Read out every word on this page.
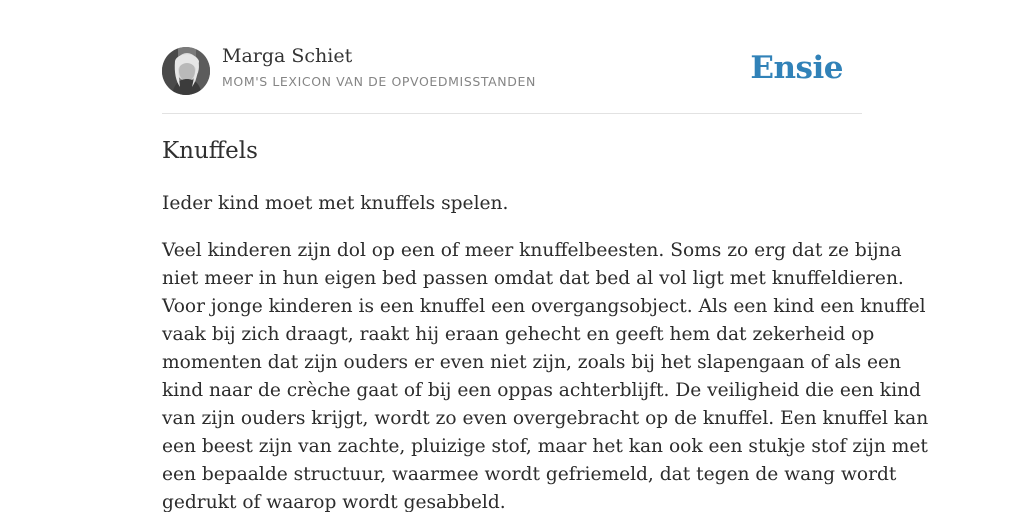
Marga Schiet
MOM'S LEXICON VAN DE OPVOEDMISSTANDEN	Ensie
Knuffels

Ieder kind moet met knuffels spelen.

Veel kinderen zijn dol op een of meer knuffelbeesten. Soms zo erg dat ze bijna
niet meer in hun eigen bed passen omdat dat bed al vol ligt met knuffeldieren.
Voor jonge kinderen is een knuffel een overgangsobject. Als een kind een knuffel
vaak bij zich draagt, raakt hij eraan gehecht en geeft hem dat zekerheid op
momenten dat zijn ouders er even niet zijn, zoals bij het slapengaan of als een
kind naar de crèche gaat of bij een oppas achterblijft. De veiligheid die een kind
van zijn ouders krijgt, wordt zo even overgebracht op de knuffel. Een knuffel kan
een beest zijn van zachte, pluizige stof, maar het kan ook een stukje stof zijn met
een bepaalde structuur, waarmee wordt gefriemeld, dat tegen de wang wordt
gedrukt of waarop wordt gesabbeld.
